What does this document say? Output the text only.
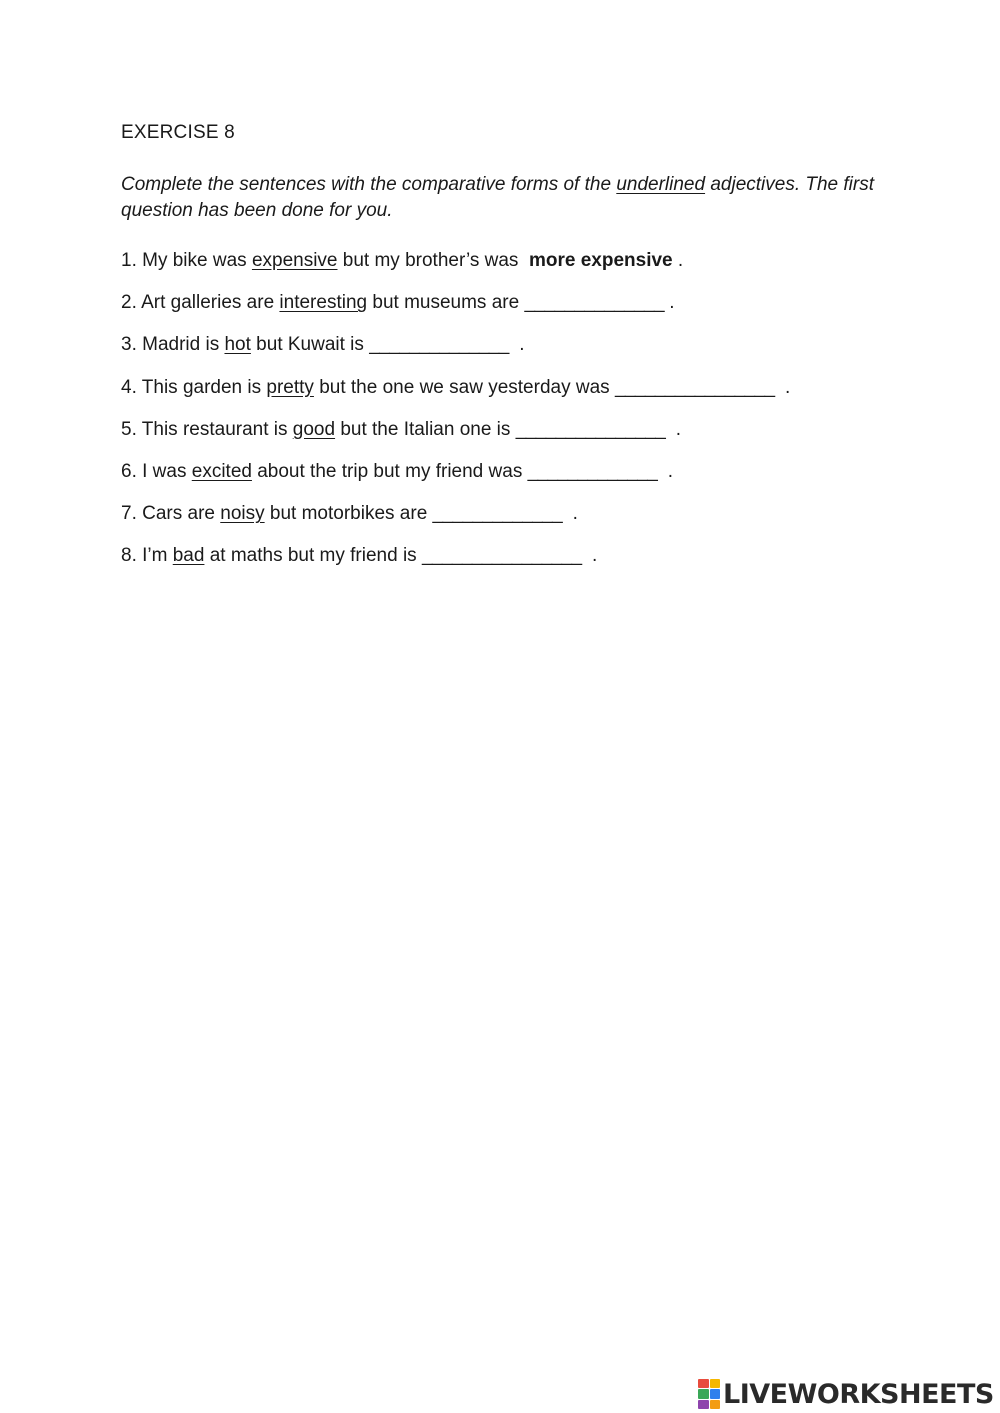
EXERCISE 8
Complete the sentences with the comparative forms of the underlined adjectives. The first question has been done for you.
1. My bike was expensive but my brother’s was  more expensive .
2. Art galleries are interesting but museums are ______________ .
3. Madrid is hot but Kuwait is ______________  .
4. This garden is pretty but the one we saw yesterday was ________________  .
5. This restaurant is good but the Italian one is _______________  .
6. I was excited about the trip but my friend was _____________  .
7. Cars are noisy but motorbikes are _____________  .
8. I’m bad at maths but my friend is ________________  .
LIVEWORKSHEETS
